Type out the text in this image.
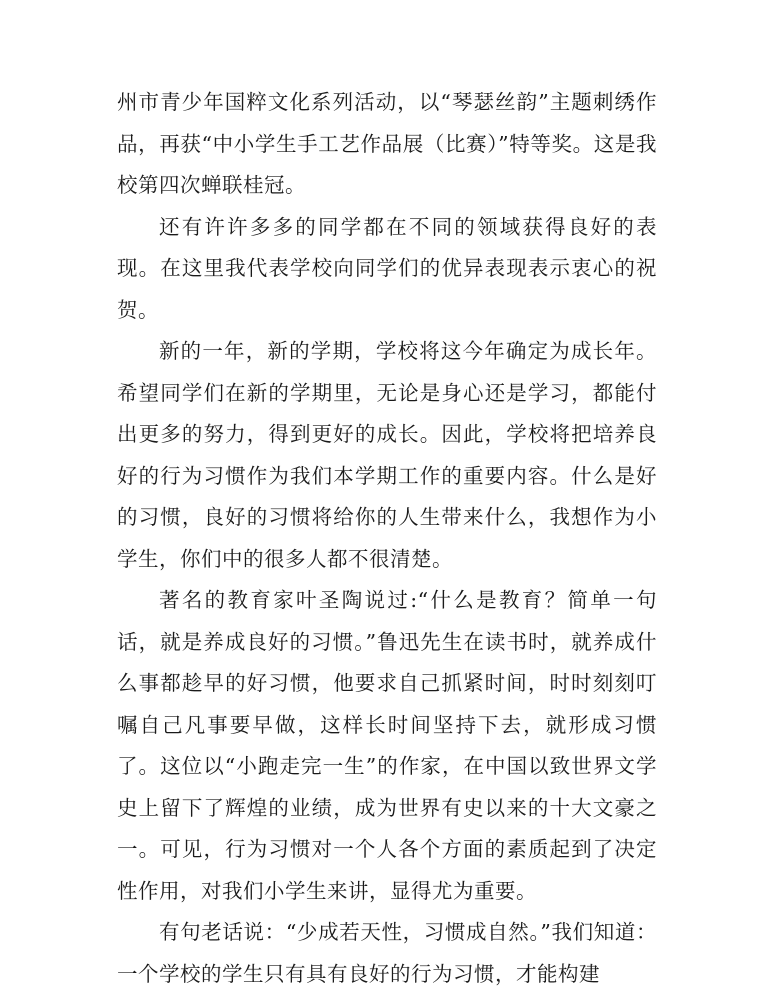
州市青少年国粹文化系列活动，以“琴瑟丝韵”主题刺绣作品，再获“中小学生手工艺作品展（比赛）”特等奖。这是我校第四次蝉联桂冠。

还有许许多多的同学都在不同的领域获得良好的表现。在这里我代表学校向同学们的优异表现表示衷心的祝贺。

新的一年，新的学期，学校将这今年确定为成长年。希望同学们在新的学期里，无论是身心还是学习，都能付出更多的努力，得到更好的成长。因此，学校将把培养良好的行为习惯作为我们本学期工作的重要内容。什么是好的习惯，良好的习惯将给你的人生带来什么，我想作为小学生，你们中的很多人都不很清楚。

著名的教育家叶圣陶说过:“什么是教育？简单一句话，就是养成良好的习惯。”鲁迅先生在读书时，就养成什么事都趁早的好习惯，他要求自己抓紧时间，时时刻刻叮嘱自己凡事要早做，这样长时间坚持下去，就形成习惯了。这位以“小跑走完一生”的作家，在中国以致世界文学史上留下了辉煌的业绩，成为世界有史以来的十大文豪之一。可见，行为习惯对一个人各个方面的素质起到了决定性作用，对我们小学生来讲，显得尤为重要。

有句老话说：“少成若天性，习惯成自然。”我们知道：一个学校的学生只有具有良好的行为习惯，才能构建
